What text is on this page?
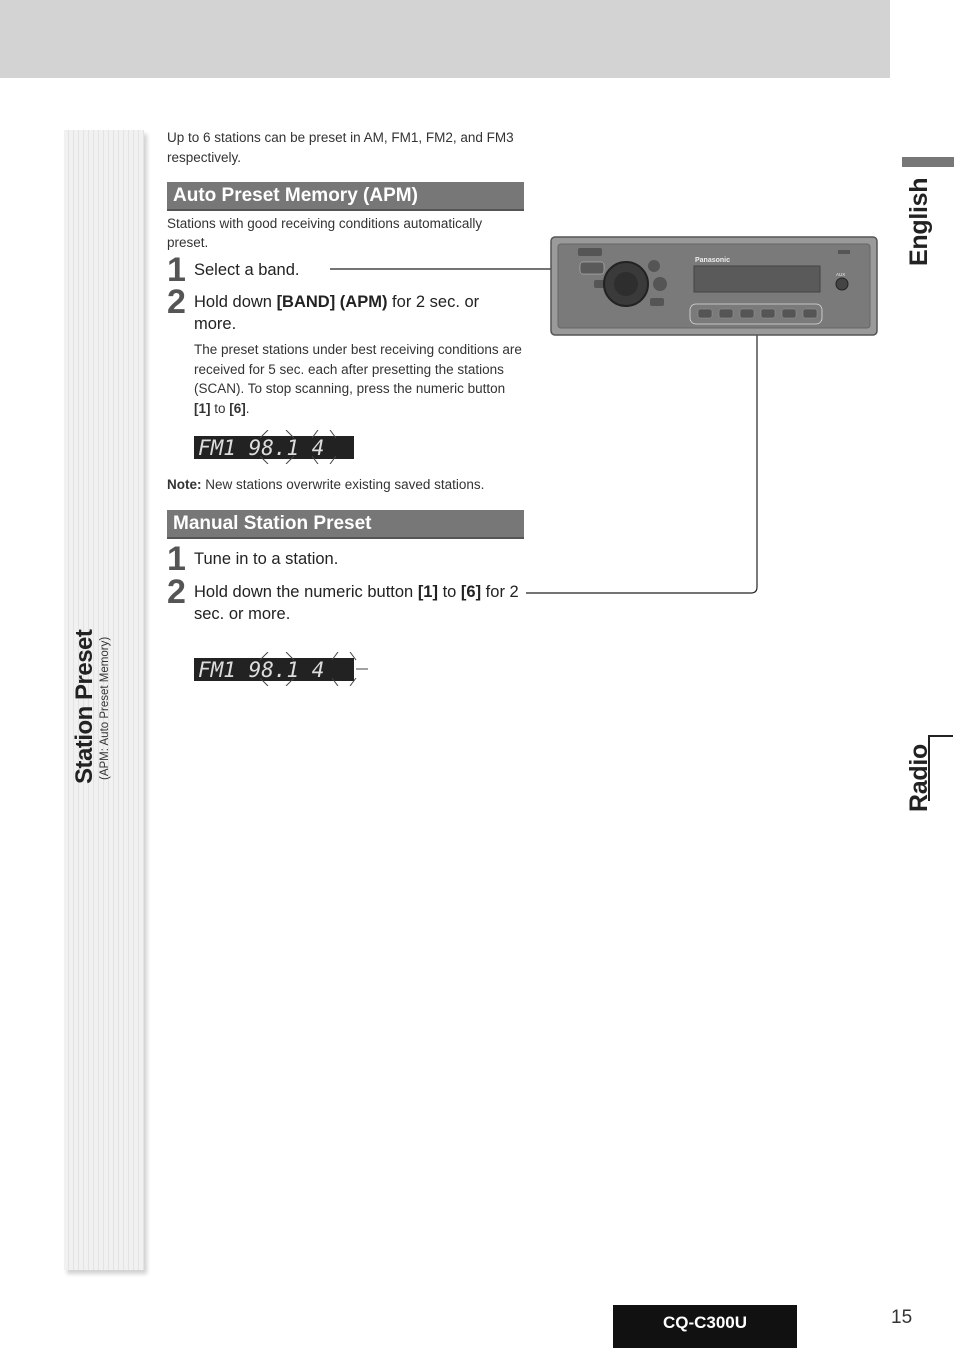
Station Preset (APM: Auto Preset Memory)
Up to 6 stations can be preset in AM, FM1, FM2, and FM3 respectively.
Auto Preset Memory (APM)
Stations with good receiving conditions automatically preset.
1 Select a band.
2 Hold down [BAND] (APM) for 2 sec. or more.
The preset stations under best receiving conditions are received for 5 sec. each after presetting the stations (SCAN). To stop scanning, press the numeric button [1] to [6].
FM1 98.1 4
Note: New stations overwrite existing saved stations.
Manual Station Preset
1 Tune in to a station.
2 Hold down the numeric button [1] to [6] for 2 sec. or more.
FM1 98.1 4
Panasonic
AUX
English
Radio
CQ-C300U	15
